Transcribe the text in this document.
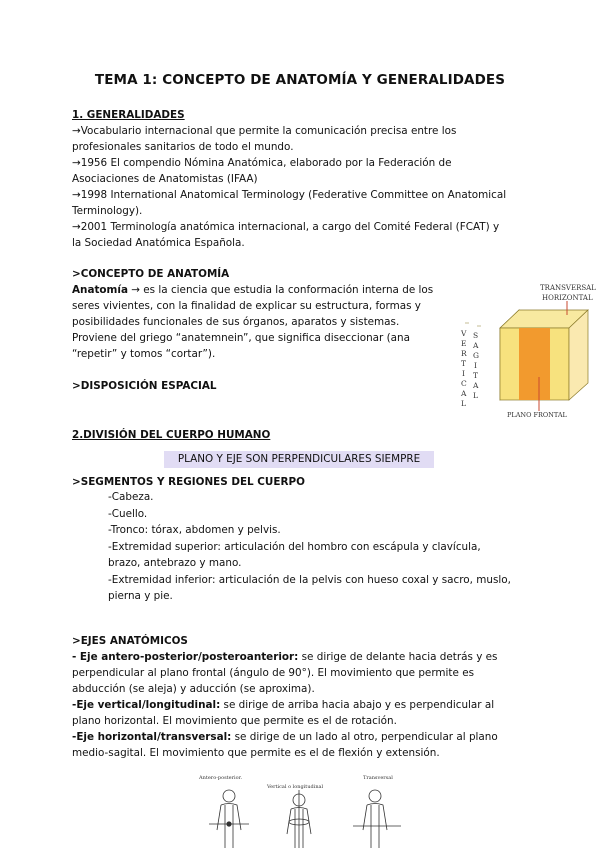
TEMA 1: CONCEPTO DE ANATOMÍA Y GENERALIDADES
1. GENERALIDADES
→Vocabulario internacional que permite la comunicación precisa entre los
profesionales sanitarios de todo el mundo.
→1956 El compendio Nómina Anatómica, elaborado por la Federación de
Asociaciones de Anatomistas (IFAA)
→1998 International Anatomical Terminology (Federative Committee on Anatomical
Terminology).
→2001 Terminología anatómica internacional, a cargo del Comité Federal (FCAT) y
la Sociedad Anatómica Española.
>CONCEPTO DE ANATOMÍA
Anatomía → es la ciencia que estudia la conformación interna de los
seres vivientes, con la finalidad de explicar su estructura, formas y
posibilidades funcionales de sus órganos, aparatos y sistemas.
Proviene del griego “anatemnein”, que significa diseccionar (ana
“repetir” y tomos “cortar”).
>DISPOSICIÓN ESPACIAL
TRANSVERSAL
HORIZONTAL
PLANO FRONTAL
V
E
R
T
I
C
A
L
S
A
G
I
T
A
L
2.DIVISIÓN DEL CUERPO HUMANO
PLANO Y EJE SON PERPENDICULARES SIEMPRE
>SEGMENTOS Y REGIONES DEL CUERPO
-Cabeza.
-Cuello.
-Tronco: tórax, abdomen y pelvis.
-Extremidad superior: articulación del hombro con escápula y clavícula,
brazo, antebrazo y mano.
-Extremidad inferior: articulación de la pelvis con hueso coxal y sacro, muslo,
pierna y pie.
>EJES ANATÓMICOS
- Eje antero-posterior/posteroanterior: se dirige de delante hacia detrás y es
perpendicular al plano frontal (ángulo de 90°). El movimiento que permite es
abducción (se aleja) y aducción (se aproxima).
-Eje vertical/longitudinal: se dirige de arriba hacia abajo y es perpendicular al
plano horizontal. El movimiento que permite es el de rotación.
-Eje horizontal/transversal: se dirige de un lado al otro, perpendicular al plano
medio-sagital. El movimiento que permite es el de flexión y extensión.
Antero-posterior.
Vertical o longitudinal
Transversal
